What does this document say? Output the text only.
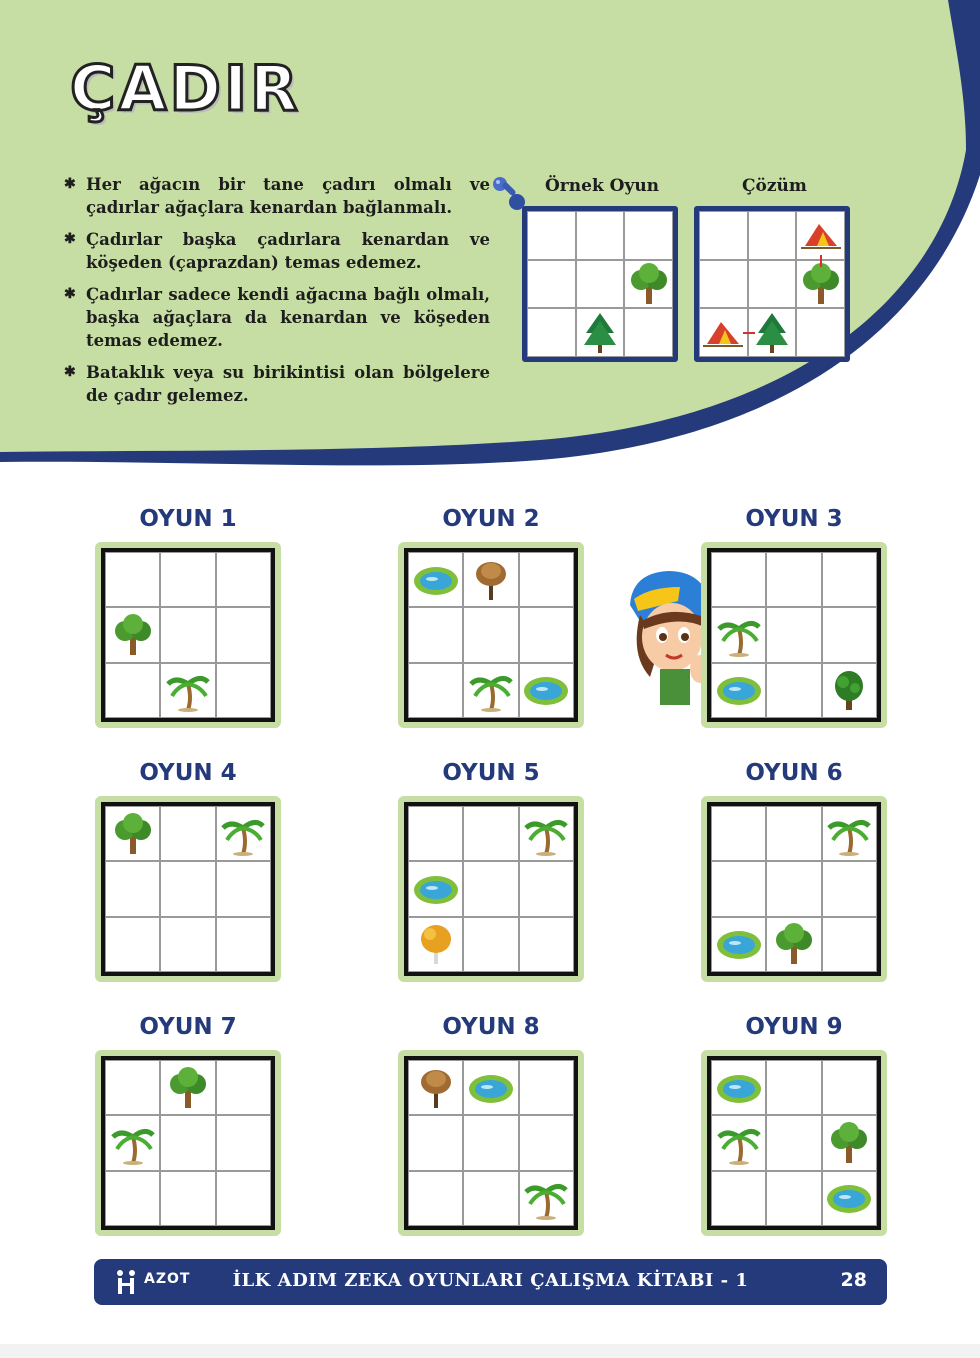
ÇADIR
✱ Her ağacın bir tane çadırı olmalı ve çadırlar ağaçlara kenardan bağlanmalı.
✱ Çadırlar başka çadırlara kenardan ve köşeden (çaprazdan) temas edemez.
✱ Çadırlar sadece kendi ağacına bağlı olmalı, başka ağaçlara da kenardan ve köşeden temas edemez.
✱ Bataklık veya su birikintisi olan bölgelere de çadır gelemez.
Örnek Oyun	Çözüm
OYUN 1	OYUN 2	OYUN 3
OYUN 4	OYUN 5	OYUN 6
OYUN 7	OYUN 8	OYUN 9
AZOT	İLK ADIM ZEKA OYUNLARI ÇALIŞMA KİTABI - 1	28
